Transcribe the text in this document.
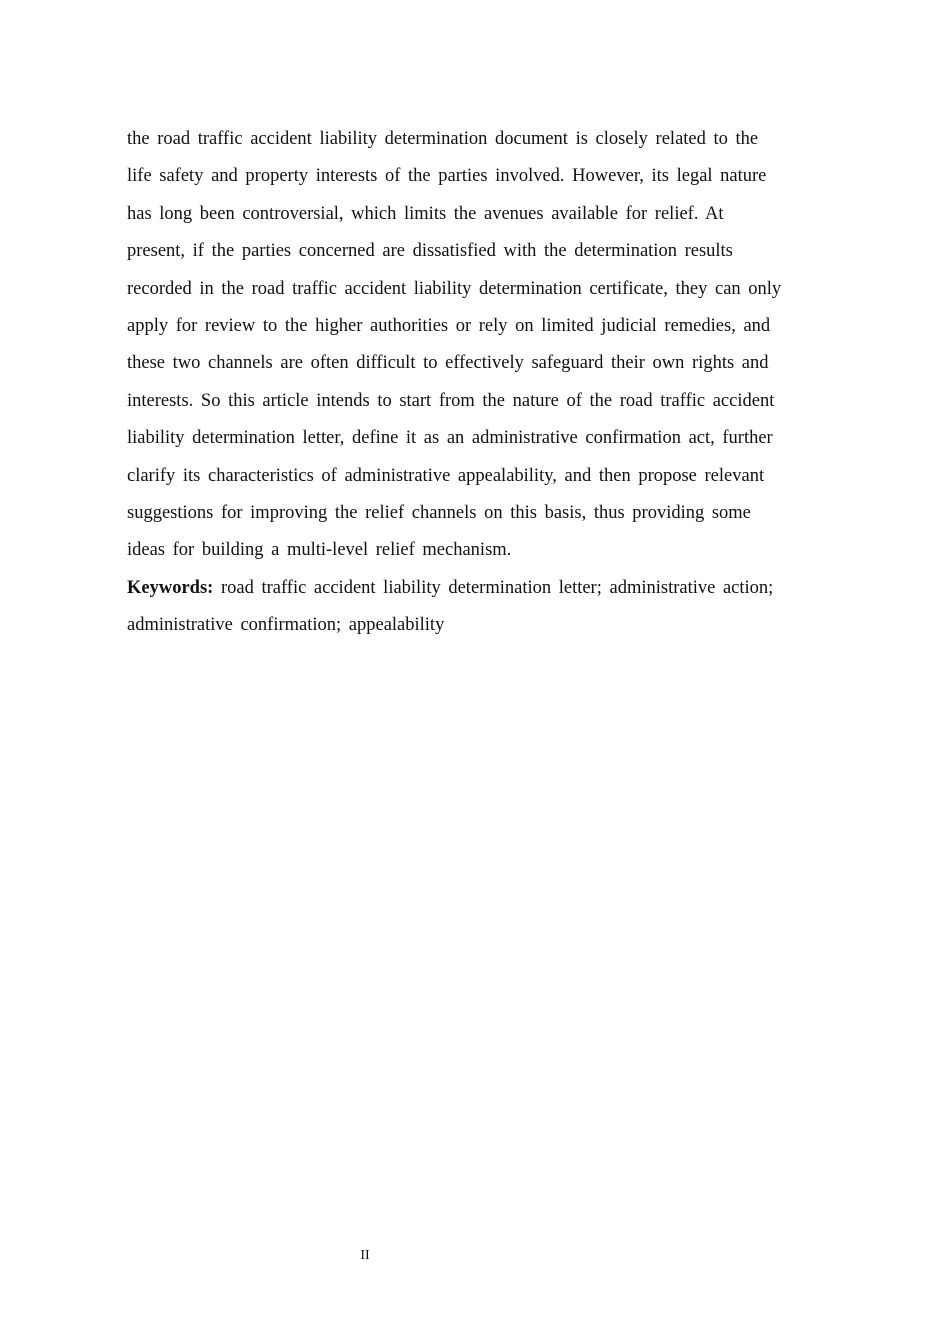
the road traffic accident liability determination document is closely related to the
life safety and property interests of the parties involved. However, its legal nature
has long been controversial, which limits the avenues available for relief. At
present, if the parties concerned are dissatisfied with the determination results
recorded in the road traffic accident liability determination certificate, they can only
apply for review to the higher authorities or rely on limited judicial remedies, and
these two channels are often difficult to effectively safeguard their own rights and
interests. So this article intends to start from the nature of the road traffic accident
liability determination letter, define it as an administrative confirmation act, further
clarify its characteristics of administrative appealability, and then propose relevant
suggestions for improving the relief channels on this basis, thus providing some
ideas for building a multi-level relief mechanism.
Keywords: road traffic accident liability determination letter; administrative action;
administrative confirmation; appealability
II
